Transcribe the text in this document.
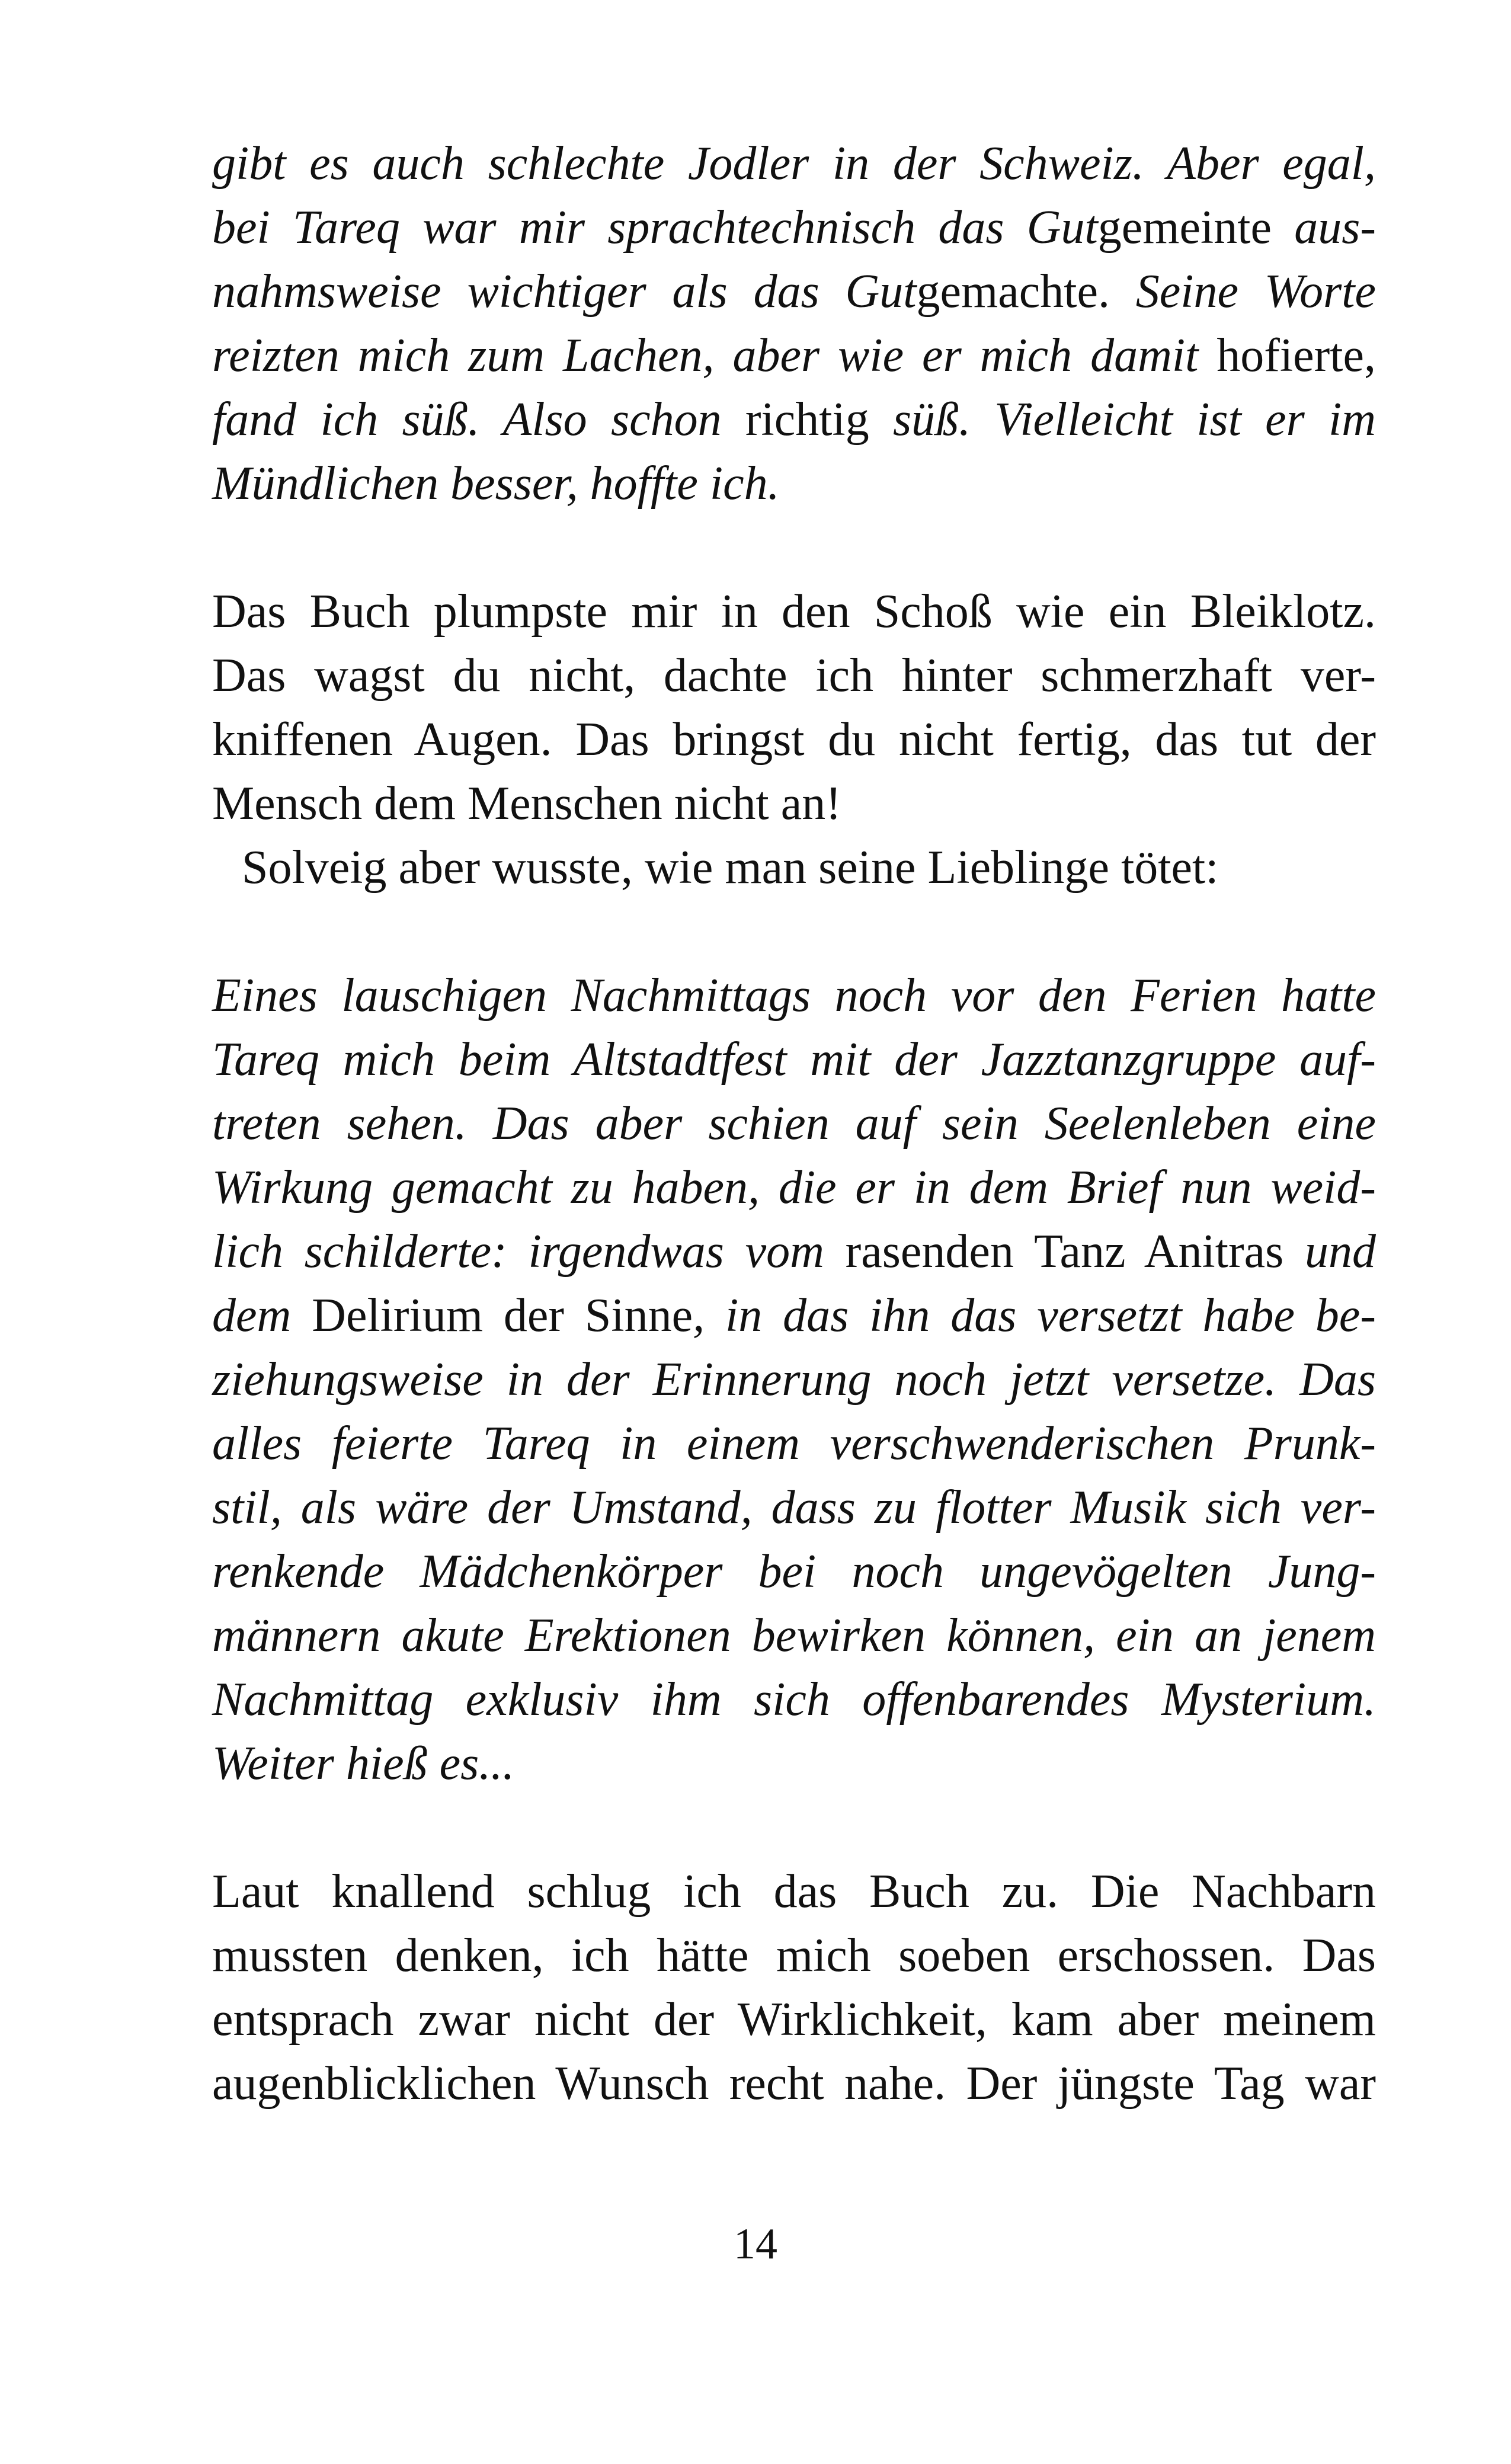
gibt es auch schlechte Jodler in der Schweiz. Aber egal,
bei Tareq war mir sprachtechnisch das Gutgemeinte aus-
nahmsweise wichtiger als das Gutgemachte. Seine Worte
reizten mich zum Lachen, aber wie er mich damit hofierte,
fand ich süß. Also schon richtig süß. Vielleicht ist er im
Mündlichen besser, hoffte ich.
Das Buch plumpste mir in den Schoß wie ein Bleiklotz.
Das wagst du nicht, dachte ich hinter schmerzhaft ver-
kniffenen Augen. Das bringst du nicht fertig, das tut der
Mensch dem Menschen nicht an!
Solveig aber wusste, wie man seine Lieblinge tötet:
Eines lauschigen Nachmittags noch vor den Ferien hatte
Tareq mich beim Altstadtfest mit der Jazztanzgruppe auf-
treten sehen. Das aber schien auf sein Seelenleben eine
Wirkung gemacht zu haben, die er in dem Brief nun weid-
lich schilderte: irgendwas vom rasenden Tanz Anitras und
dem Delirium der Sinne, in das ihn das versetzt habe be-
ziehungsweise in der Erinnerung noch jetzt versetze. Das
alles feierte Tareq in einem verschwenderischen Prunk-
stil, als wäre der Umstand, dass zu flotter Musik sich ver-
renkende Mädchenkörper bei noch ungevögelten Jung-
männern akute Erektionen bewirken können, ein an jenem
Nachmittag exklusiv ihm sich offenbarendes Mysterium.
Weiter hieß es...
Laut knallend schlug ich das Buch zu. Die Nachbarn
mussten denken, ich hätte mich soeben erschossen. Das
entsprach zwar nicht der Wirklichkeit, kam aber meinem
augenblicklichen Wunsch recht nahe. Der jüngste Tag war
14
